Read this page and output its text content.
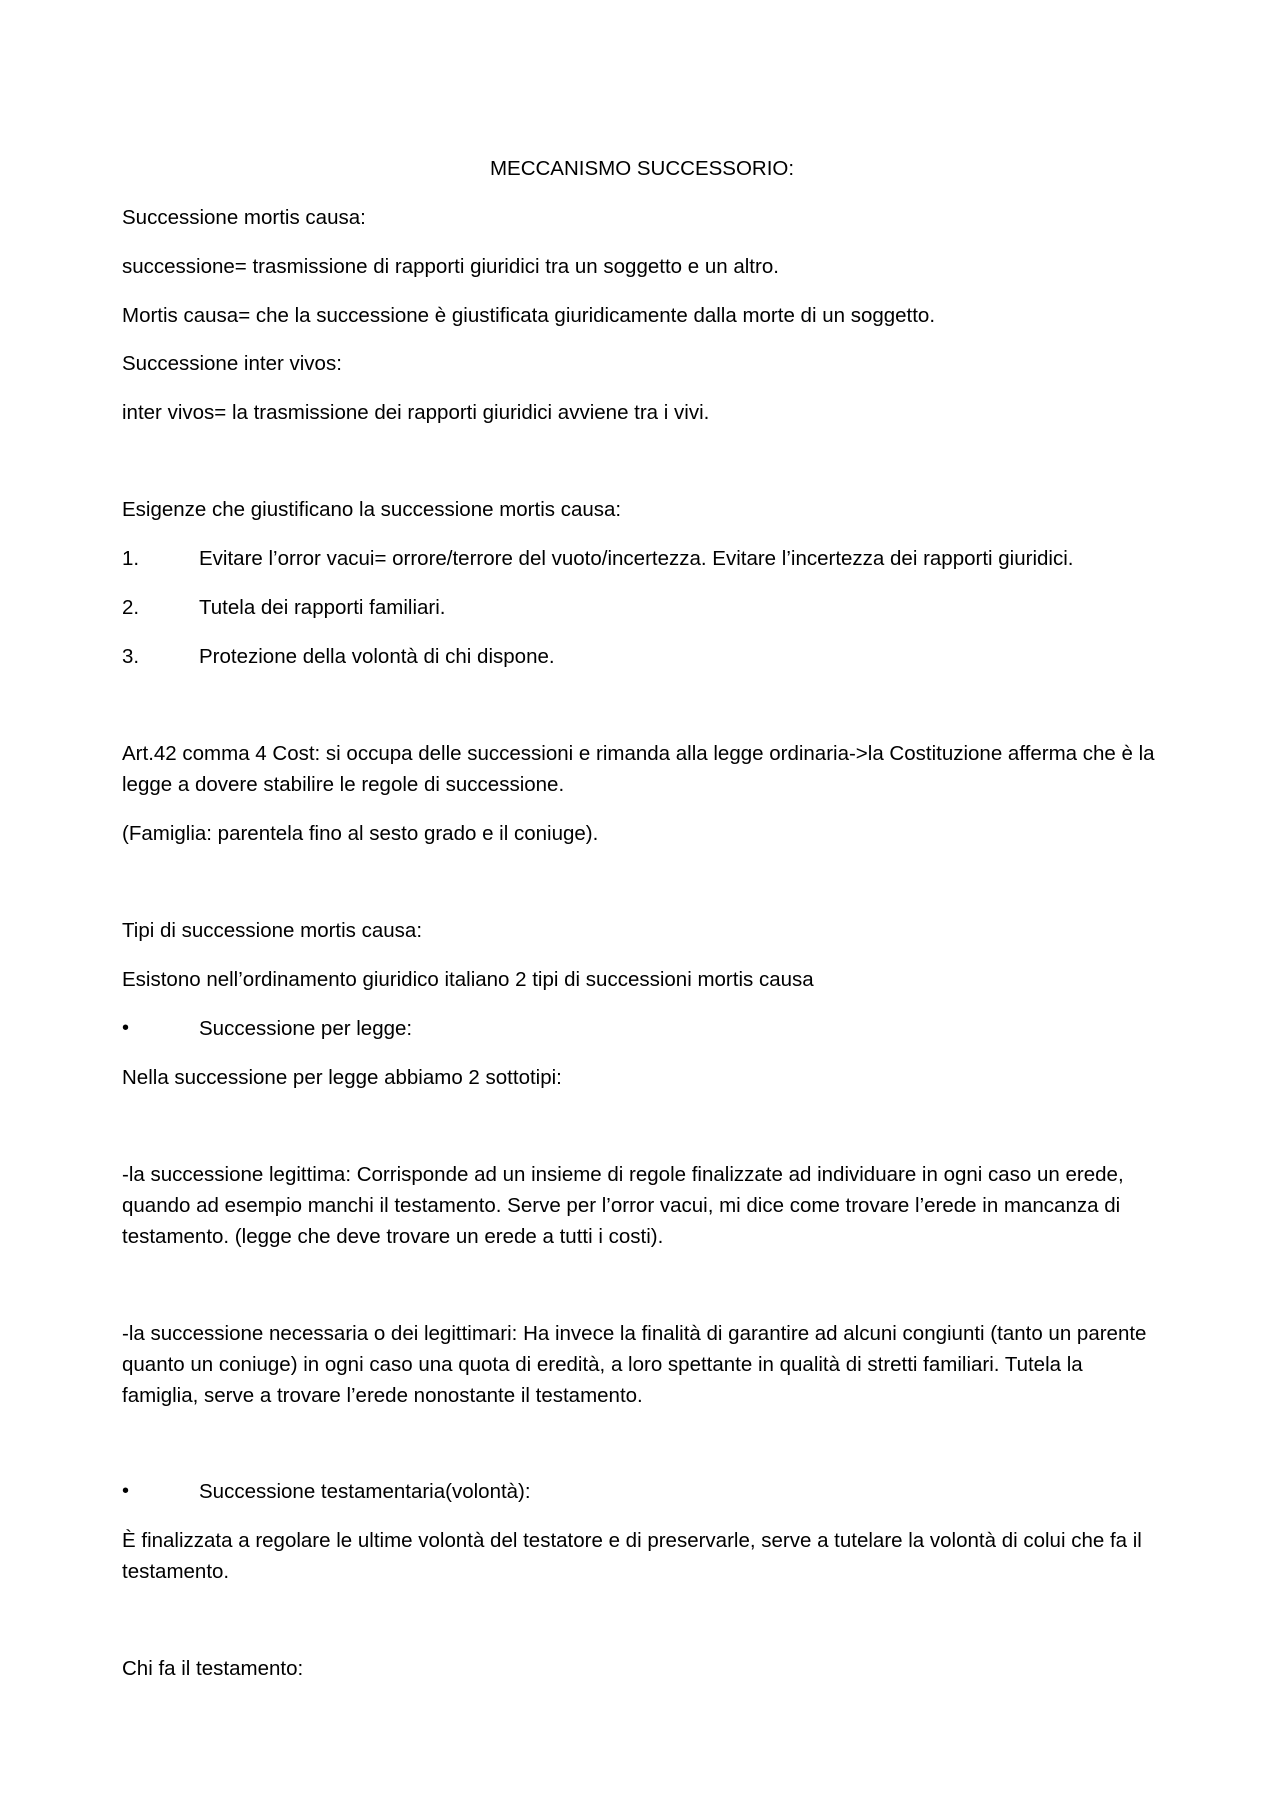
MECCANISMO SUCCESSORIO:

Successione mortis causa:

successione= trasmissione di rapporti giuridici tra un soggetto e un altro.

Mortis causa= che la successione è giustificata giuridicamente dalla morte di un soggetto.

Successione inter vivos:

inter vivos= la trasmissione dei rapporti giuridici avviene tra i vivi.

Esigenze che giustificano la successione mortis causa:

1.	Evitare l’orror vacui= orrore/terrore del vuoto/incertezza. Evitare l’incertezza dei rapporti giuridici.
2.	Tutela dei rapporti familiari.
3.	Protezione della volontà di chi dispone.

Art.42 comma 4 Cost: si occupa delle successioni e rimanda alla legge ordinaria->la Costituzione afferma che è la legge a dovere stabilire le regole di successione.

(Famiglia: parentela fino al sesto grado e il coniuge).

Tipi di successione mortis causa:

Esistono nell’ordinamento giuridico italiano 2 tipi di successioni mortis causa

•	Successione per legge:

Nella successione per legge abbiamo 2 sottotipi:

-la successione legittima: Corrisponde ad un insieme di regole finalizzate ad individuare in ogni caso un erede, quando ad esempio manchi il testamento. Serve per l’orror vacui, mi dice come trovare l’erede in mancanza di testamento. (legge che deve trovare un erede a tutti i costi).

-la successione necessaria o dei legittimari: Ha invece la finalità di garantire ad alcuni congiunti (tanto un parente quanto un coniuge) in ogni caso una quota di eredità, a loro spettante in qualità di stretti familiari. Tutela la famiglia, serve a trovare l’erede nonostante il testamento.

•	Successione testamentaria(volontà):

È finalizzata a regolare le ultime volontà del testatore e di preservarle, serve a tutelare la volontà di colui che fa il testamento.

Chi fa il testamento:
